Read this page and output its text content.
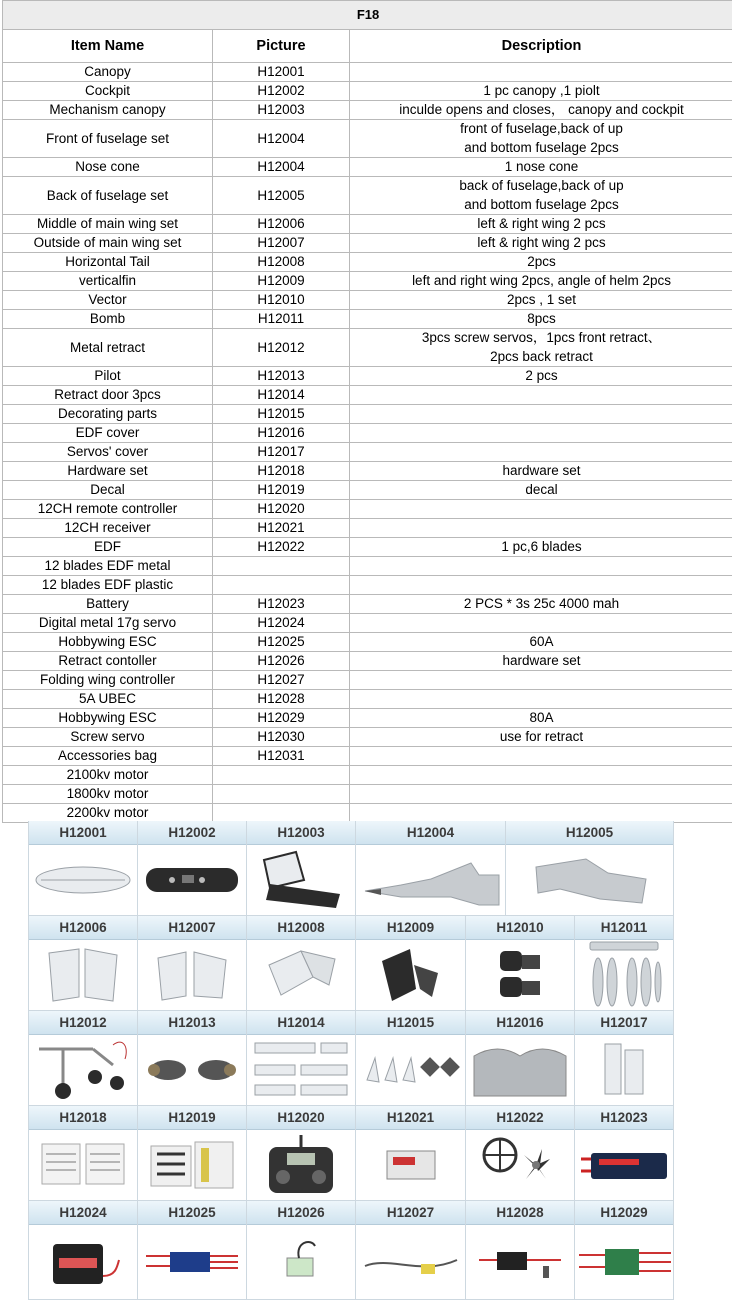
F18		
Item Name	Picture	Description
Canopy	H12001	
Cockpit	H12002	1 pc canopy ,1 piolt
Mechanism canopy	H12003	inculde opens and closes， canopy and cockpit
Front of fuselage set	H12004	front of fuselage,back of up
and bottom fuselage 2pcs
Nose cone	H12004	1 nose cone
Back of fuselage set	H12005	back of fuselage,back of up
and bottom fuselage 2pcs
Middle of main wing set	H12006	left & right wing 2 pcs
Outside of main wing set	H12007	left & right wing 2 pcs
Horizontal Tail	H12008	2pcs
verticalfin	H12009	left and right wing 2pcs, angle of helm 2pcs
Vector	H12010	2pcs , 1 set
Bomb	H12011	8pcs
Metal retract	H12012	3pcs screw servos，1pcs front retract、
2pcs back retract
Pilot	H12013	2 pcs
Retract door 3pcs	H12014	
Decorating parts	H12015	
EDF cover	H12016	
Servos' cover	H12017	
Hardware set	H12018	hardware set
Decal	H12019	decal
12CH remote controller	H12020	
12CH receiver	H12021	
EDF	H12022	1 pc,6 blades
12 blades EDF metal		
12 blades EDF plastic		
Battery	H12023	2 PCS * 3s 25c 4000 mah
Digital metal 17g servo	H12024	
Hobbywing ESC	H12025	60A
Retract contoller	H12026	hardware set
Folding wing controller	H12027	
5A UBEC	H12028	
Hobbywing ESC	H12029	80A
Screw servo	H12030	use for retract
Accessories bag	H12031	
2100kv motor		
1800kv motor		
2200kv motor		
H12001	H12002	H12003	H12004	H12005
H12006	H12007	H12008	H12009	H12010	H12011
H12012	H12013	H12014	H12015	H12016	H12017
H12018	H12019	H12020	H12021	H12022	H12023
H12024	H12025	H12026	H12027	H12028	H12029
